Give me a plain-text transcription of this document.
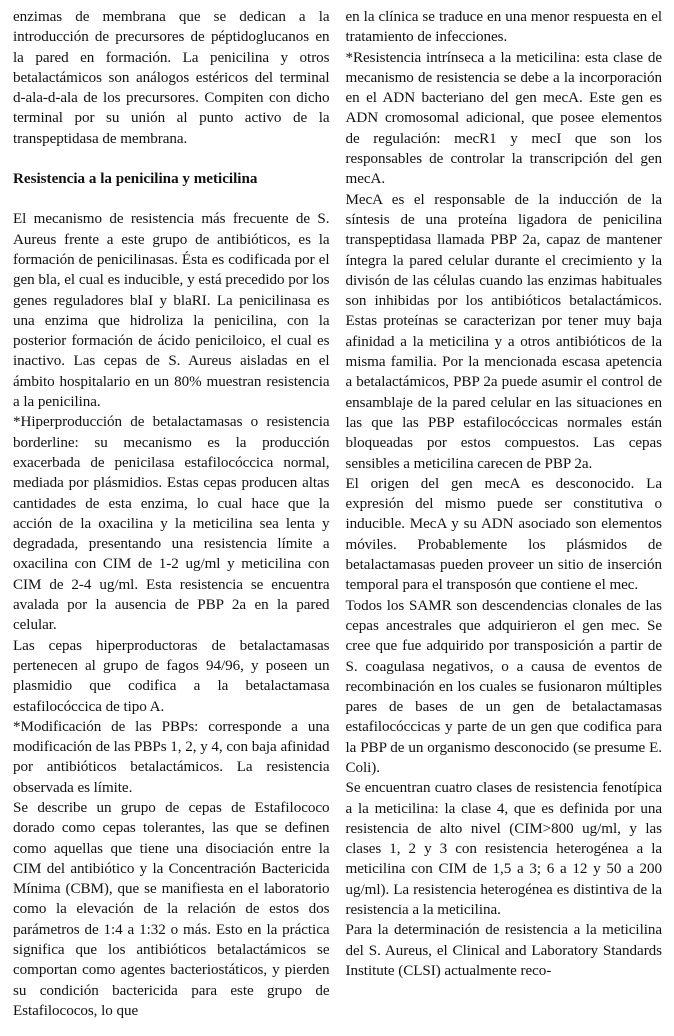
enzimas de membrana que se dedican a la introducción de precursores de péptidoglucanos en la pared en formación. La penicilina y otros betalactámicos son análogos estéricos del terminal d-ala-d-ala de los precursores. Compiten con dicho terminal por su unión al punto activo de la transpeptidasa de membrana.

Resistencia a la penicilina y meticilina

El mecanismo de resistencia más frecuente de S. Aureus frente a este grupo de antibióticos, es la formación de penicilinasas. Ésta es codificada por el gen bla, el cual es inducible, y está precedido por los genes reguladores blaI y blaRI. La penicilinasa es una enzima que hidroliza la penicilina, con la posterior formación de ácido peniciloico, el cual es inactivo. Las cepas de S. Aureus aisladas en el ámbito hospitalario en un 80% muestran resistencia a la penicilina.

*Hiperproducción de betalactamasas o resistencia borderline: su mecanismo es la producción exacerbada de penicilasa estafilocóccica normal, mediada por plásmidios. Estas cepas producen altas cantidades de esta enzima, lo cual hace que la acción de la oxacilina y la meticilina sea lenta y degradada, presentando una resistencia límite a oxacilina con CIM de 1-2 ug/ml y meticilina con CIM de 2-4 ug/ml. Esta resistencia se encuentra avalada por la ausencia de PBP 2a en la pared celular.

Las cepas hiperproductoras de betalactamasas pertenecen al grupo de fagos 94/96, y poseen un plasmidio que codifica a la betalactamasa estafilocóccica de tipo A.

*Modificación de las PBPs: corresponde a una modificación de las PBPs 1, 2, y 4, con baja afinidad por antibióticos betalactámicos. La resistencia observada es límite.

Se describe un grupo de cepas de Estafilococo dorado como cepas tolerantes, las que se definen como aquellas que tiene una disociación entre la CIM del antibiótico y la Concentración Bactericida Mínima (CBM), que se manifiesta en el laboratorio como la elevación de la relación de estos dos parámetros de 1:4 a 1:32 o más. Esto en la práctica significa que los antibióticos betalactámicos se comportan como agentes bacteriostáticos, y pierden su condición bactericida para este grupo de Estafilococos, lo que

en la clínica se traduce en una menor respuesta en el tratamiento de infecciones.

*Resistencia intrínseca a la meticilina: esta clase de mecanismo de resistencia se debe a la incorporación en el ADN bacteriano del gen mecA. Este gen es ADN cromosomal adicional, que posee elementos de regulación: mecR1 y mecI que son los responsables de controlar la transcripción del gen mecA.

MecA es el responsable de la inducción de la síntesis de una proteína ligadora de penicilina transpeptidasa llamada PBP 2a, capaz de mantener íntegra la pared celular durante el crecimiento y la divisón de las células cuando las enzimas habituales son inhibidas por los antibióticos betalactámicos. Estas proteínas se caracterizan por tener muy baja afinidad a la meticilina y a otros antibióticos de la misma familia. Por la mencionada escasa apetencia a betalactámicos, PBP 2a puede asumir el control de ensamblaje de la pared celular en las situaciones en las que las PBP estafilocóccicas normales están bloqueadas por estos compuestos. Las cepas sensibles a meticilina carecen de PBP 2a.

El origen del gen mecA es desconocido. La expresión del mismo puede ser constitutiva o inducible. MecA y su ADN asociado son elementos móviles. Probablemente los plásmidos de betalactamasas pueden proveer un sitio de inserción temporal para el transposón que contiene el mec.

Todos los SAMR son descendencias clonales de las cepas ancestrales que adquirieron el gen mec. Se cree que fue adquirido por transposición a partir de S. coagulasa negativos, o a causa de eventos de recombinación en los cuales se fusionaron múltiples pares de bases de un gen de betalactamasas estafilocóccicas y parte de un gen que codifica para la PBP de un organismo desconocido (se presume E. Coli).

Se encuentran cuatro clases de resistencia fenotípica a la meticilina: la clase 4, que es definida por una resistencia de alto nivel (CIM>800 ug/ml, y las clases 1, 2 y 3 con resistencia heterogénea a la meticilina con CIM de 1,5 a 3; 6 a 12 y 50 a 200 ug/ml). La resistencia heterogénea es distintiva de la resistencia a la meticilina.

Para la determinación de resistencia a la meticilina del S. Aureus, el Clinical and Laboratory Standards Institute (CLSI) actualmente reco-
